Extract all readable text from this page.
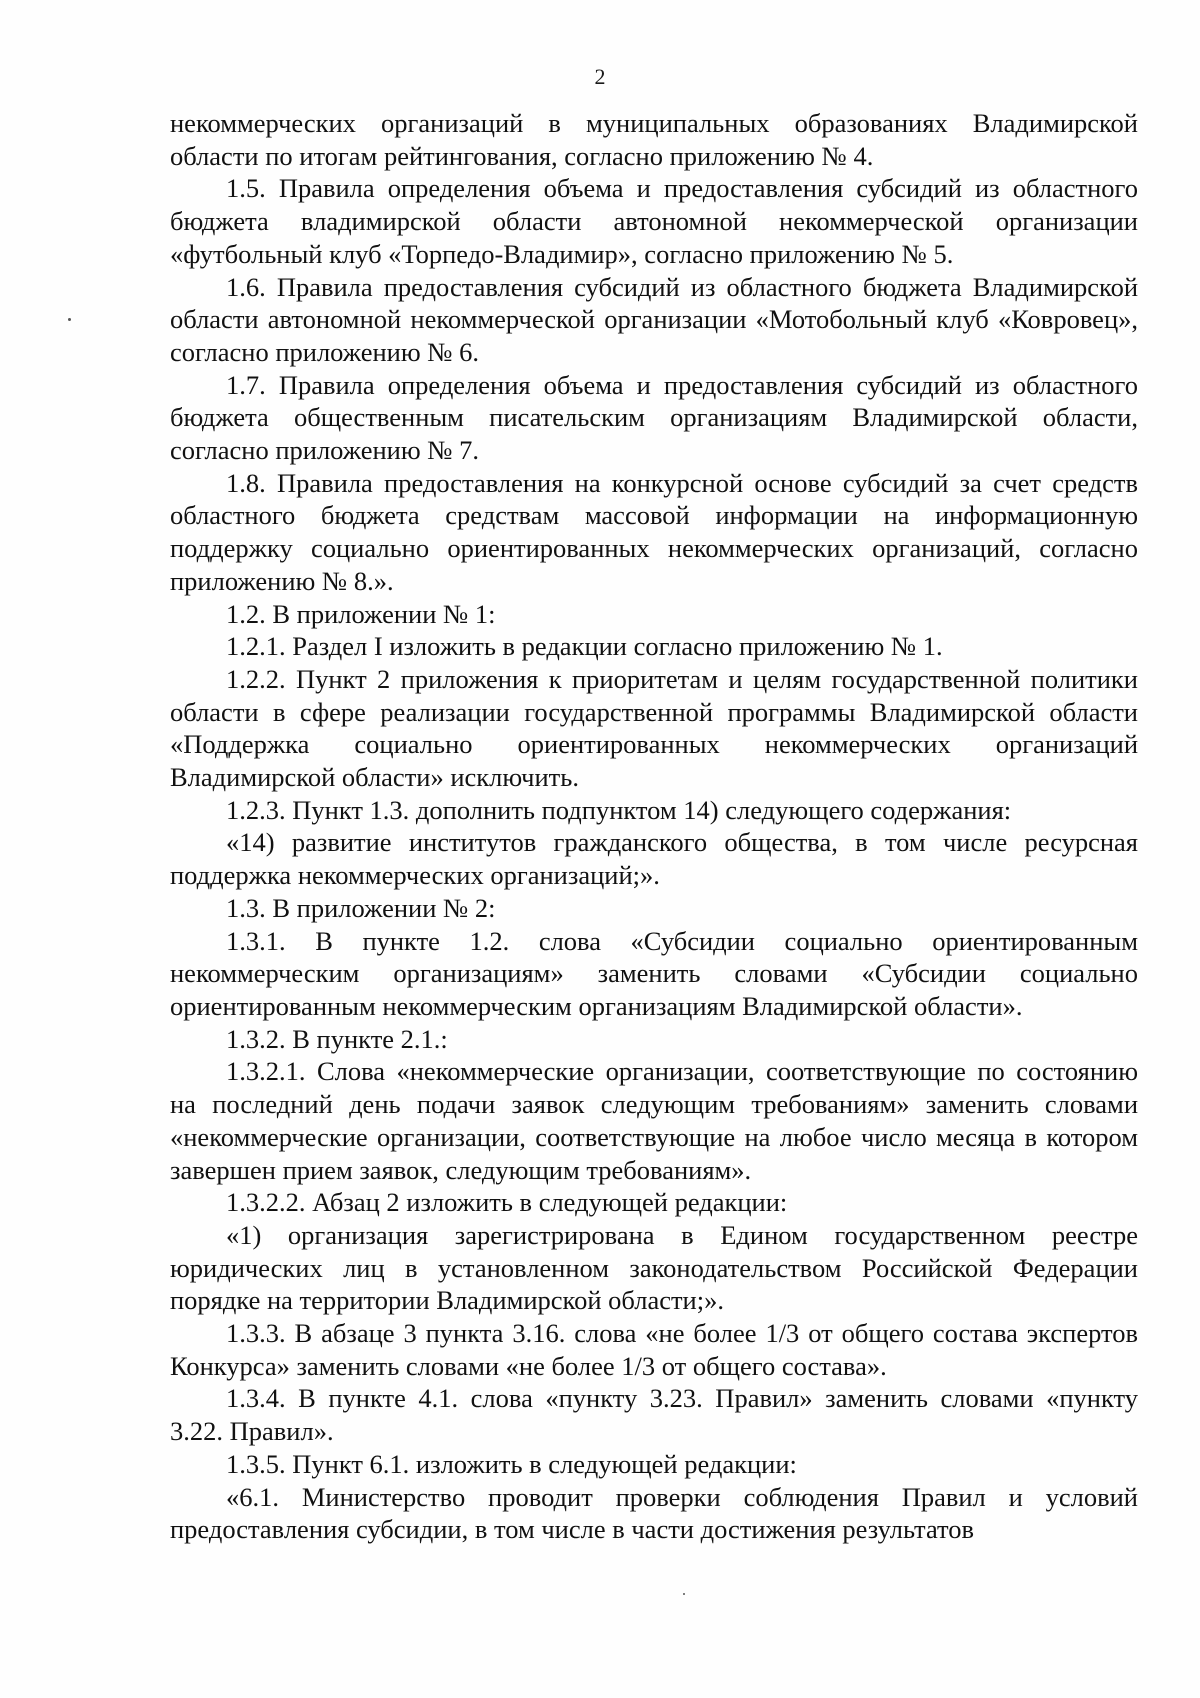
2

некоммерческих организаций в муниципальных образованиях Владимирской области по итогам рейтингования, согласно приложению № 4.

1.5. Правила определения объема и предоставления субсидий из областного бюджета владимирской области автономной некоммерческой организации «футбольный клуб «Торпедо-Владимир», согласно приложению № 5.

1.6. Правила предоставления субсидий из областного бюджета Владимирской области автономной некоммерческой организации «Мотобольный клуб «Ковровец», согласно приложению № 6.

1.7. Правила определения объема и предоставления субсидий из областного бюджета общественным писательским организациям Владимирской области, согласно приложению № 7.

1.8. Правила предоставления на конкурсной основе субсидий за счет средств областного бюджета средствам массовой информации на информационную поддержку социально ориентированных некоммерческих организаций, согласно приложению № 8.».

1.2. В приложении № 1:

1.2.1. Раздел I изложить в редакции согласно приложению № 1.

1.2.2. Пункт 2 приложения к приоритетам и целям государственной политики области в сфере реализации государственной программы Владимирской области «Поддержка социально ориентированных некоммерческих организаций Владимирской области» исключить.

1.2.3. Пункт 1.3. дополнить подпунктом 14) следующего содержания:

«14) развитие институтов гражданского общества, в том числе ресурсная поддержка некоммерческих организаций;».

1.3. В приложении № 2:

1.3.1. В пункте 1.2. слова «Субсидии социально ориентированным некоммерческим организациям» заменить словами «Субсидии социально ориентированным некоммерческим организациям Владимирской области».

1.3.2. В пункте 2.1.:

1.3.2.1. Слова «некоммерческие организации, соответствующие по состоянию на последний день подачи заявок следующим требованиям» заменить словами «некоммерческие организации, соответствующие на любое число месяца в котором завершен прием заявок, следующим требованиям».

1.3.2.2. Абзац 2 изложить в следующей редакции:

«1) организация зарегистрирована в Едином государственном реестре юридических лиц в установленном законодательством Российской Федерации порядке на территории Владимирской области;».

1.3.3. В абзаце 3 пункта 3.16. слова «не более 1/3 от общего состава экспертов Конкурса» заменить словами «не более 1/3 от общего состава».

1.3.4. В пункте 4.1. слова «пункту 3.23. Правил» заменить словами «пункту 3.22. Правил».

1.3.5. Пункт 6.1. изложить в следующей редакции:

«6.1. Министерство проводит проверки соблюдения Правил и условий предоставления субсидии, в том числе в части достижения результатов
